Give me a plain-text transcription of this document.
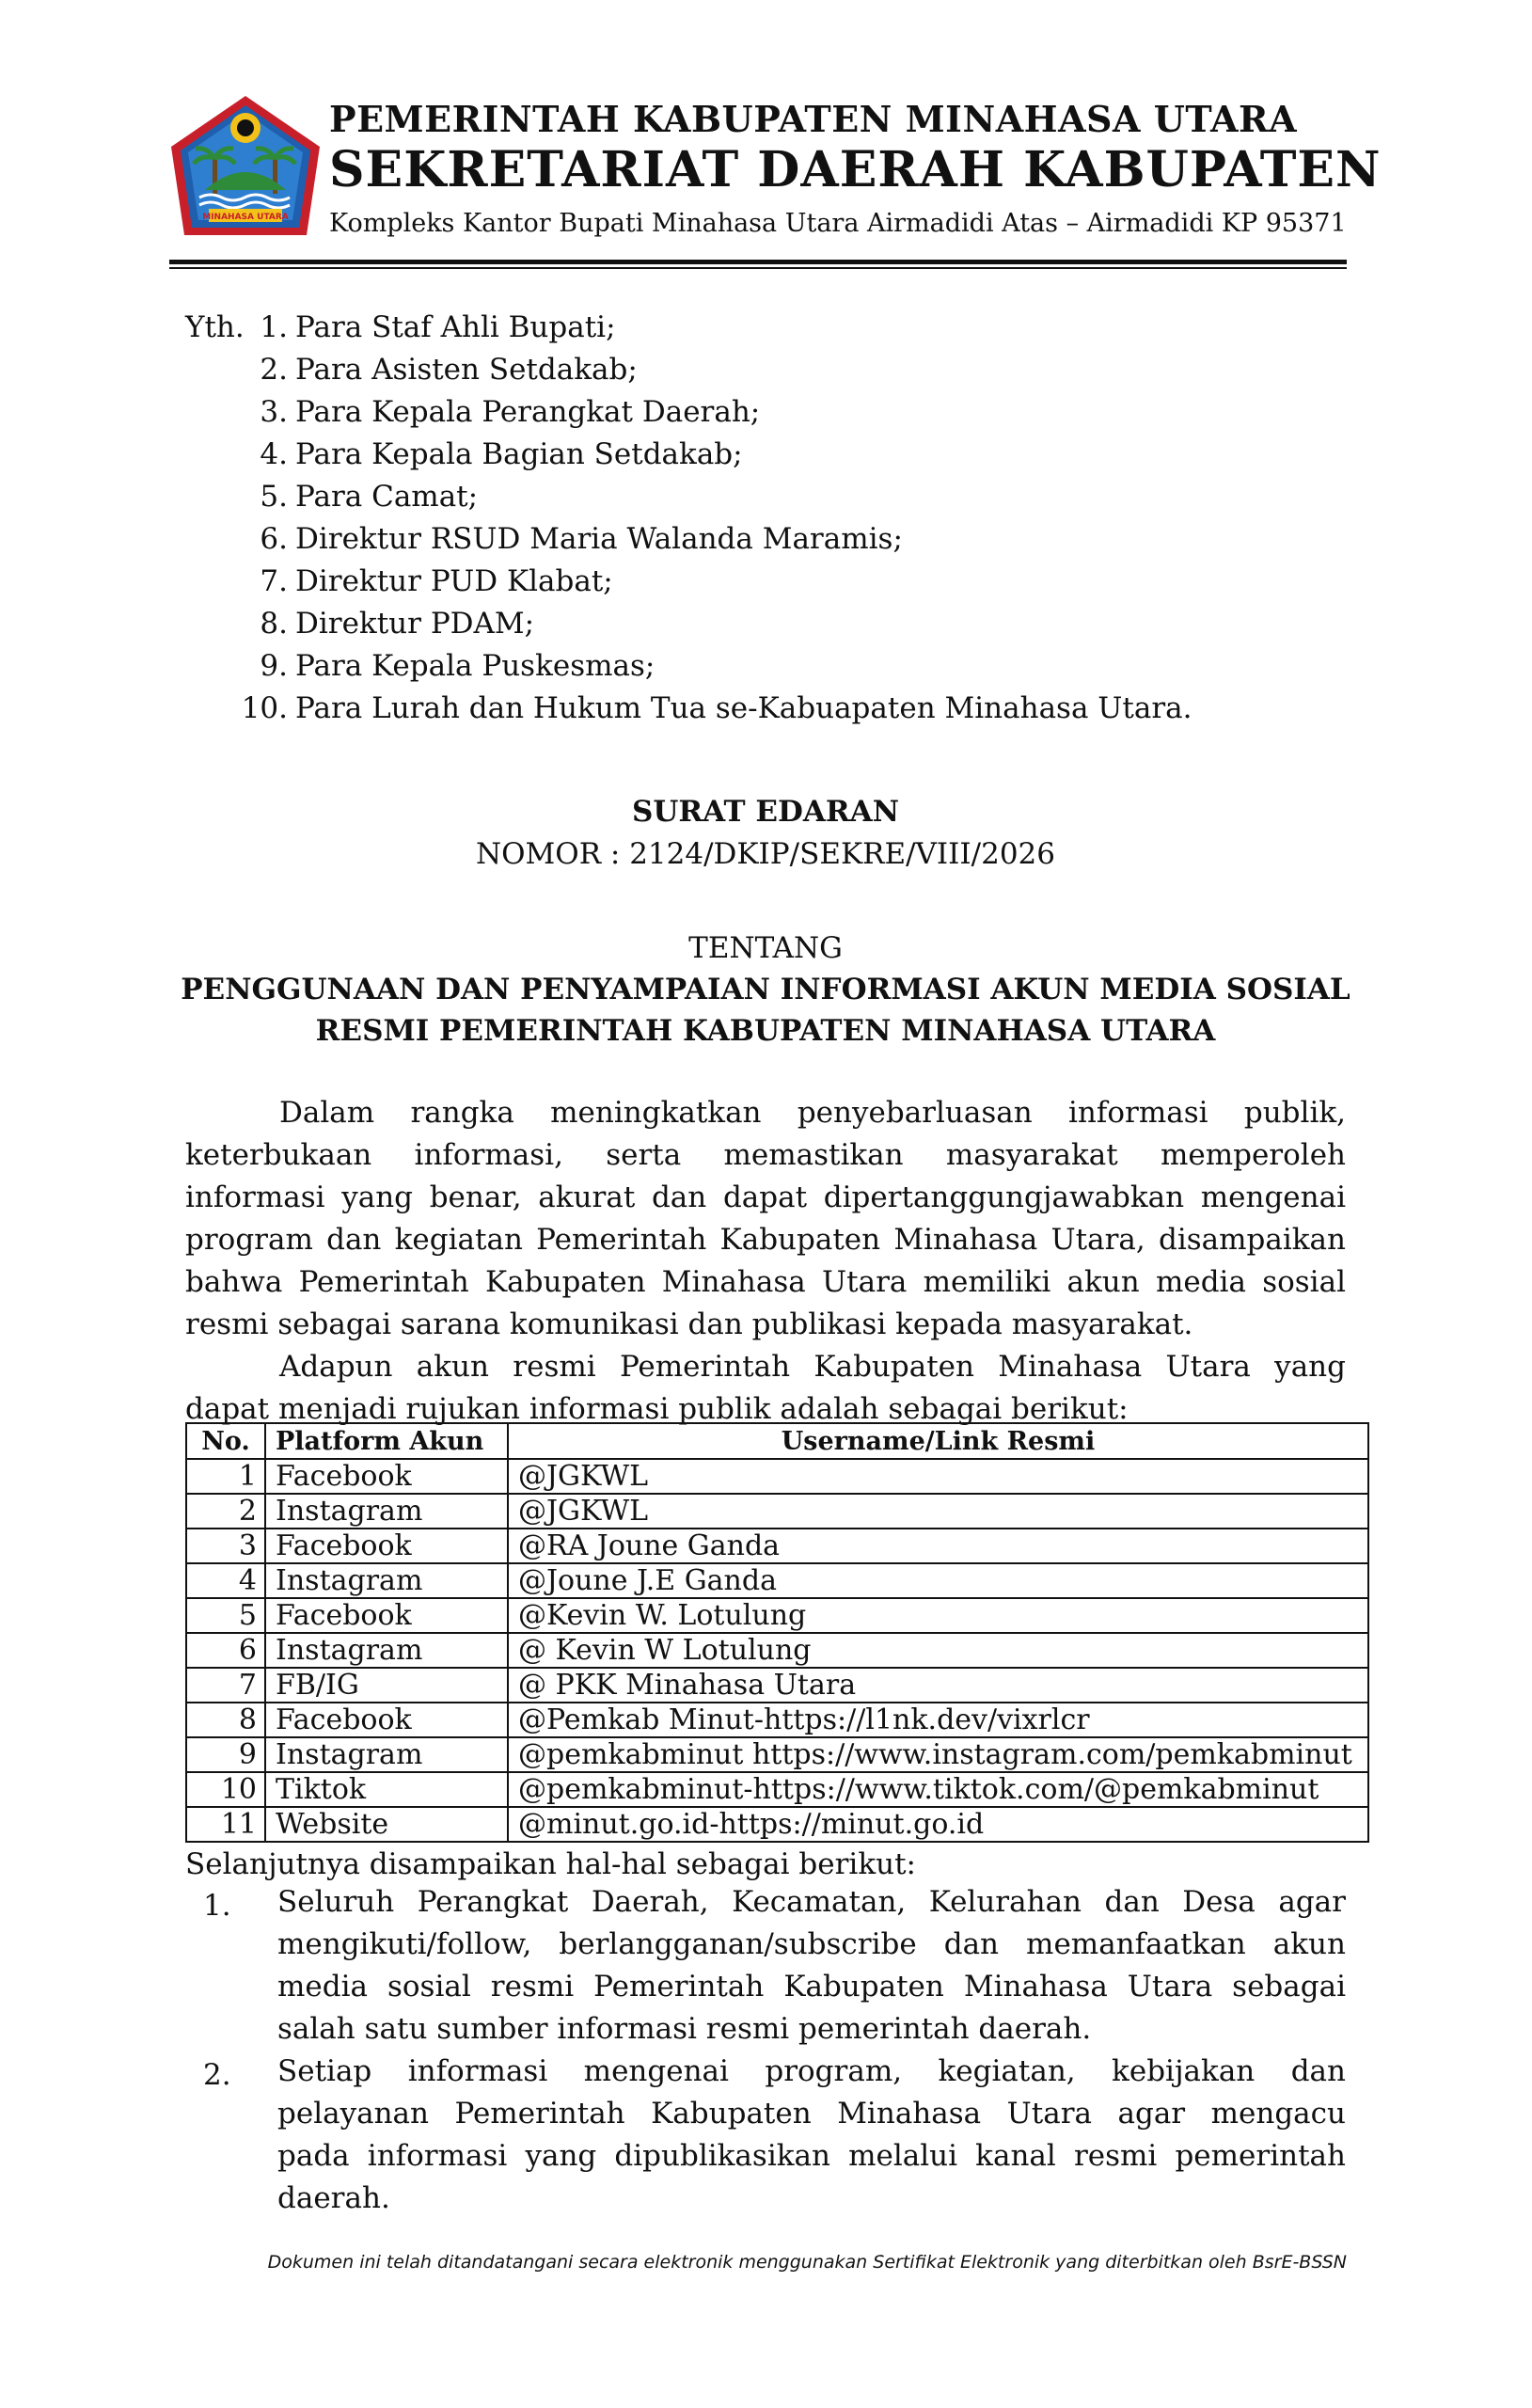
MINAHASA UTARA
PEMERINTAH KABUPATEN MINAHASA UTARA
SEKRETARIAT DAERAH KABUPATEN
Kompleks Kantor Bupati Minahasa Utara Airmadidi Atas – Airmadidi KP 95371
Yth. 1. Para Staf Ahli Bupati;
2. Para Asisten Setdakab;
3. Para Kepala Perangkat Daerah;
4. Para Kepala Bagian Setdakab;
5. Para Camat;
6. Direktur RSUD Maria Walanda Maramis;
7. Direktur PUD Klabat;
8. Direktur PDAM;
9. Para Kepala Puskesmas;
10. Para Lurah dan Hukum Tua se-Kabuapaten Minahasa Utara.
SURAT EDARAN
NOMOR : 2124/DKIP/SEKRE/VIII/2026
TENTANG
PENGGUNAAN DAN PENYAMPAIAN INFORMASI AKUN MEDIA SOSIAL
RESMI PEMERINTAH KABUPATEN MINAHASA UTARA
Dalam rangka meningkatkan penyebarluasan informasi publik,
keterbukaan informasi, serta memastikan masyarakat memperoleh
informasi yang benar, akurat dan dapat dipertanggungjawabkan mengenai
program dan kegiatan Pemerintah Kabupaten Minahasa Utara, disampaikan
bahwa Pemerintah Kabupaten Minahasa Utara memiliki akun media sosial
resmi sebagai sarana komunikasi dan publikasi kepada masyarakat.
Adapun akun resmi Pemerintah Kabupaten Minahasa Utara yang
dapat menjadi rujukan informasi publik adalah sebagai berikut:
No.	Platform Akun	Username/Link Resmi
1	Facebook	@JGKWL
2	Instagram	@JGKWL
3	Facebook	@RA Joune Ganda
4	Instagram	@Joune J.E Ganda
5	Facebook	@Kevin W. Lotulung
6	Instagram	@ Kevin W Lotulung
7	FB/IG	@ PKK Minahasa Utara
8	Facebook	@Pemkab Minut-https://l1nk.dev/vixrlcr
9	Instagram	@pemkabminut https://www.instagram.com/pemkabminut
10	Tiktok	@pemkabminut-https://www.tiktok.com/@pemkabminut
11	Website	@minut.go.id-https://minut.go.id
Selanjutnya disampaikan hal-hal sebagai berikut:
1. Seluruh Perangkat Daerah, Kecamatan, Kelurahan dan Desa agar
mengikuti/follow, berlangganan/subscribe dan memanfaatkan akun
media sosial resmi Pemerintah Kabupaten Minahasa Utara sebagai
salah satu sumber informasi resmi pemerintah daerah.
2. Setiap informasi mengenai program, kegiatan, kebijakan dan
pelayanan Pemerintah Kabupaten Minahasa Utara agar mengacu
pada informasi yang dipublikasikan melalui kanal resmi pemerintah
daerah.
Dokumen ini telah ditandatangani secara elektronik menggunakan Sertifikat Elektronik yang diterbitkan oleh BsrE-BSSN
